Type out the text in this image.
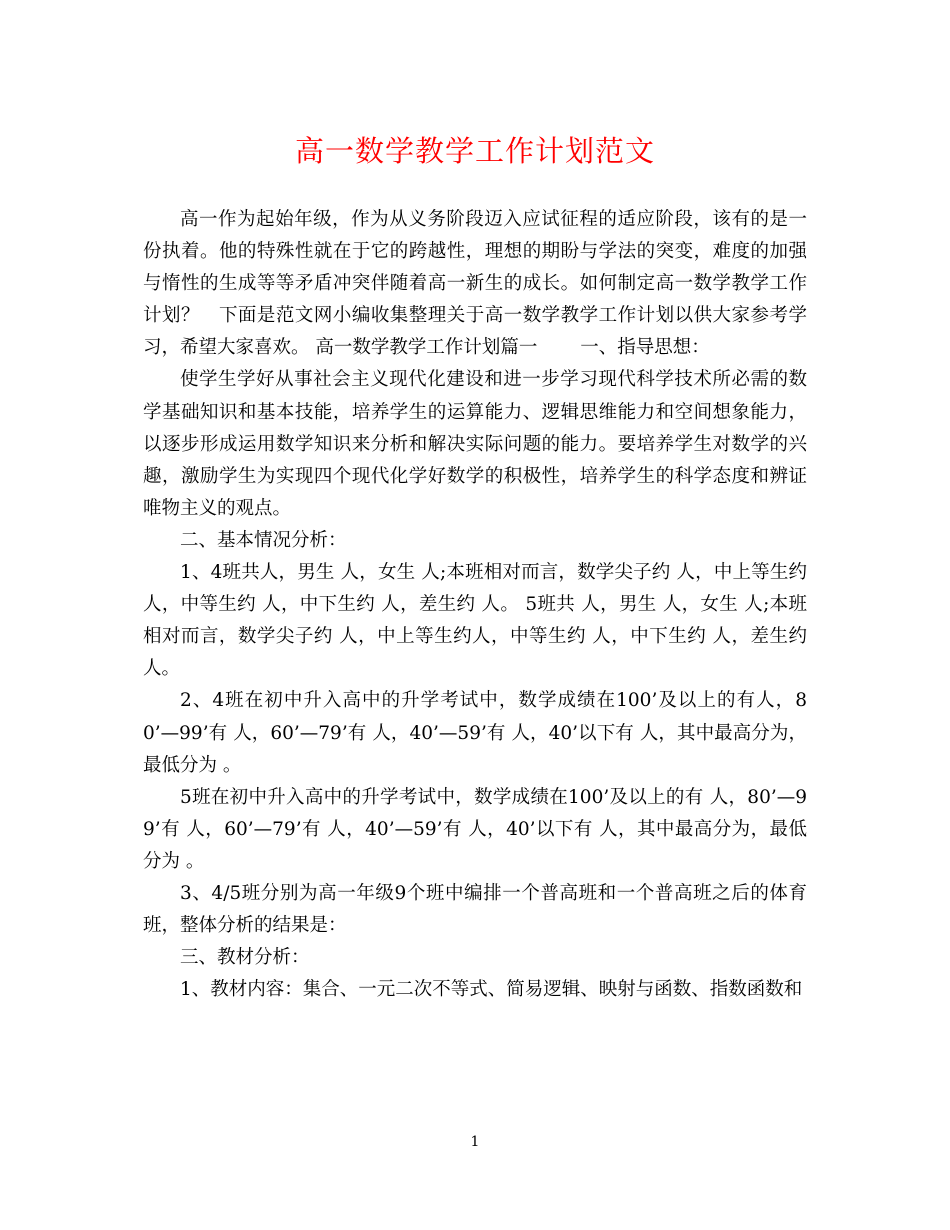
高一数学教学工作计划范文

高一作为起始年级，作为从义务阶段迈入应试征程的适应阶段，该有的是一份执着。他的特殊性就在于它的跨越性，理想的期盼与学法的突变，难度的加强与惰性的生成等等矛盾冲突伴随着高一新生的成长。如何制定高一数学教学工作计划？　下面是范文网小编收集整理关于高一数学教学工作计划以供大家参考学习，希望大家喜欢。 高一数学教学工作计划篇一　　 一、指导思想：

使学生学好从事社会主义现代化建设和进一步学习现代科学技术所必需的数学基础知识和基本技能，培养学生的运算能力、逻辑思维能力和空间想象能力，以逐步形成运用数学知识来分析和解决实际问题的能力。要培养学生对数学的兴趣，激励学生为实现四个现代化学好数学的积极性，培养学生的科学态度和辨证唯物主义的观点。

二、基本情况分析：

1、4班共人，男生 人，女生 人;本班相对而言，数学尖子约 人，中上等生约人，中等生约 人，中下生约 人，差生约 人。 5班共 人，男生 人，女生 人;本班相对而言，数学尖子约 人，中上等生约人，中等生约 人，中下生约 人，差生约人。

2、4班在初中升入高中的升学考试中，数学成绩在100’及以上的有人，80’—99’有 人，60’—79’有 人，40’—59’有 人，40’以下有 人，其中最高分为，最低分为 。

5班在初中升入高中的升学考试中，数学成绩在100’及以上的有 人，80’—99’有 人，60’—79’有 人，40’—59’有 人，40’以下有 人，其中最高分为，最低分为 。

3、4/5班分别为高一年级9个班中编排一个普高班和一个普高班之后的体育班，整体分析的结果是：

三、教材分析：

1、教材内容：集合、一元二次不等式、简易逻辑、映射与函数、指数函数和

1
